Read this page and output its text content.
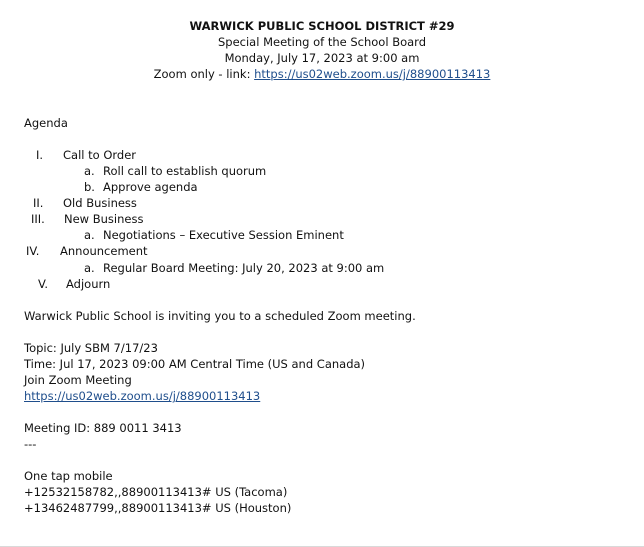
WARWICK PUBLIC SCHOOL DISTRICT #29
Special Meeting of the School Board
Monday, July 17, 2023 at 9:00 am
Zoom only - link: https://us02web.zoom.us/j/88900113413
Agenda
I. Call to Order
a. Roll call to establish quorum
b. Approve agenda
II. Old Business
III. New Business
a. Negotiations – Executive Session Eminent
IV. Announcement
a. Regular Board Meeting: July 20, 2023 at 9:00 am
V. Adjourn
Warwick Public School is inviting you to a scheduled Zoom meeting.
Topic: July SBM 7/17/23
Time: Jul 17, 2023 09:00 AM Central Time (US and Canada)
Join Zoom Meeting
https://us02web.zoom.us/j/88900113413
Meeting ID: 889 0011 3413
---
One tap mobile
+12532158782,,88900113413# US (Tacoma)
+13462487799,,88900113413# US (Houston)
